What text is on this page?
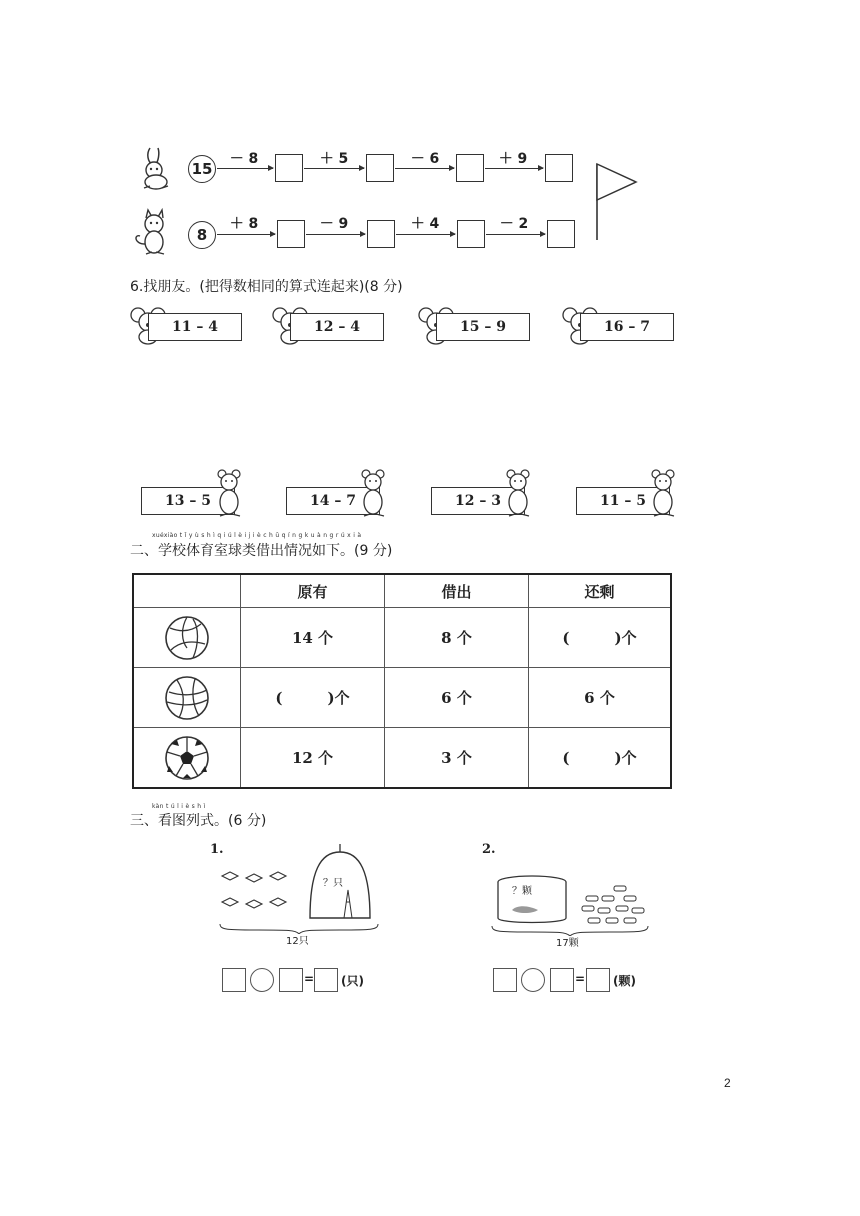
15
－ 8	＋ 5	－ 6	＋ 9
8
＋ 8	－ 9	＋ 4	－ 2
6.找朋友。(把得数相同的算式连起来)(8 分)
11 – 4	12 – 4	15 – 9	16 – 7
13 – 5	14 – 7	12 – 3	11 – 5
xuéxiào t ǐ y ù s h ì q i ú l è i j i è c h ū q í n g k u à n g r ú x i à
二、学校体育室球类借出情况如下。(9 分)
	原有	借出	还剩
	14 个	8 个	(　　　)个
	(　　　)个	6 个	6 个
	12 个	3 个	(　　　)个
kàn t ú l i è s h ì
三、看图列式。(6 分)
1.
？只
12只
= (只)
2.
？颗
17颗
= (颗)
2
